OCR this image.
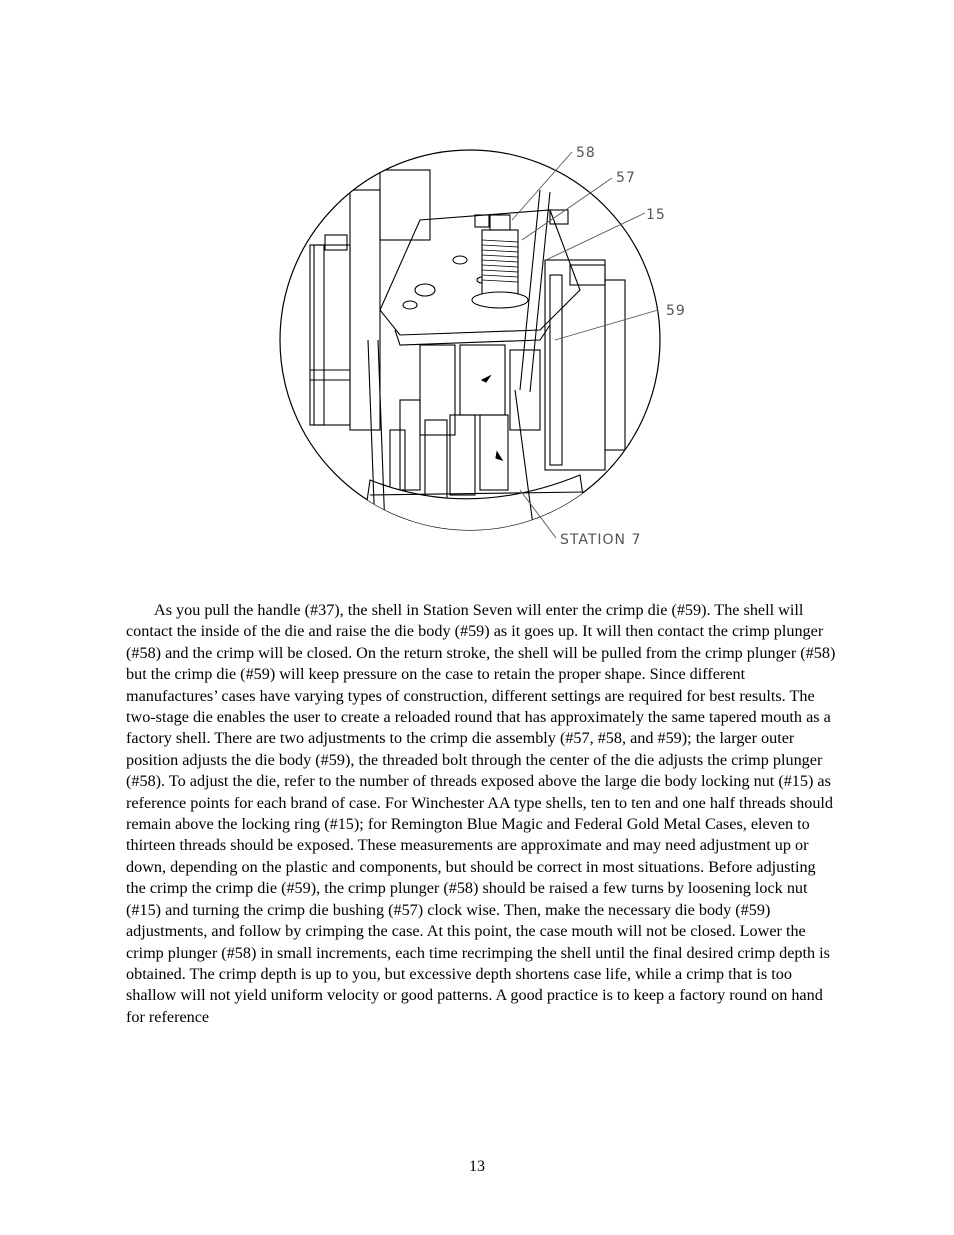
58
57
15
59
STATION 7

As you pull the handle (#37), the shell in Station Seven will enter the crimp die (#59). The shell will contact the inside of the die and raise the die body (#59) as it goes up. It will then contact the crimp plunger (#58) and the crimp will be closed. On the return stroke, the shell will be pulled from the crimp plunger (#58) but the crimp die (#59) will keep pressure on the case to retain the proper shape. Since different manufactures’ cases have varying types of construction, different settings are required for best results. The two-stage die enables the user to create a reloaded round that has approximately the same tapered mouth as a factory shell. There are two adjustments to the crimp die assembly (#57, #58, and #59); the larger outer position adjusts the die body (#59), the threaded bolt through the center of the die adjusts the crimp plunger (#58). To adjust the die, refer to the number of threads exposed above the large die body locking nut (#15) as reference points for each brand of case. For Winchester AA type shells, ten to ten and one half threads should remain above the locking ring (#15); for Remington Blue Magic and Federal Gold Metal Cases, eleven to thirteen threads should be exposed. These measurements are approximate and may need adjustment up or down, depending on the plastic and components, but should be correct in most situations. Before adjusting the crimp the crimp die (#59), the crimp plunger (#58) should be raised a few turns by loosening lock nut (#15) and turning the crimp die bushing (#57) clock wise. Then, make the necessary die body (#59) adjustments, and follow by crimping the case. At this point, the case mouth will not be closed. Lower the crimp plunger (#58) in small increments, each time recrimping the shell until the final desired crimp depth is obtained. The crimp depth is up to you, but excessive depth shortens case life, while a crimp that is too shallow will not yield uniform velocity or good patterns. A good practice is to keep a factory round on hand for reference

13
